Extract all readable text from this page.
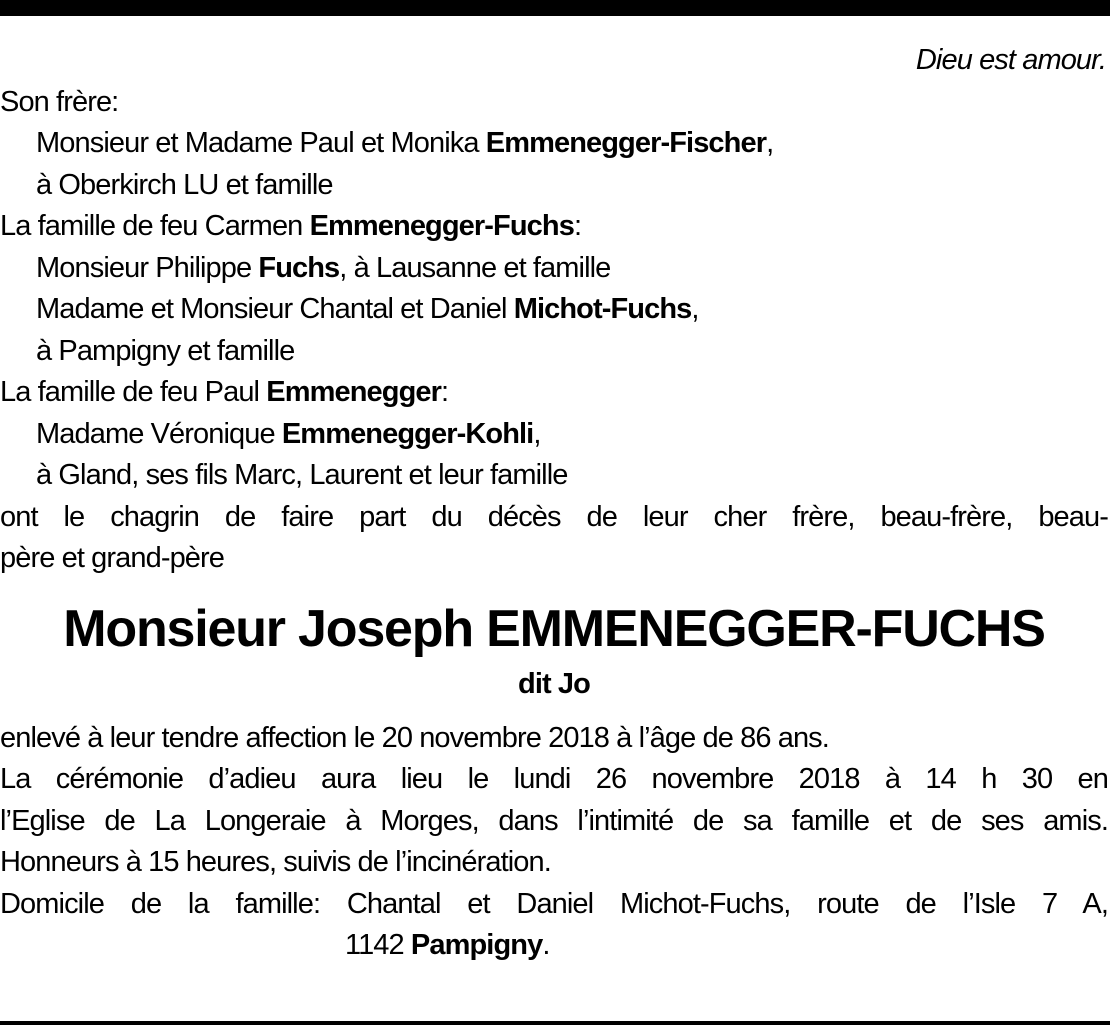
Dieu est amour.

Son frère:

Monsieur et Madame Paul et Monika Emmenegger-Fischer,

à Oberkirch LU et famille

La famille de feu Carmen Emmenegger-Fuchs:

Monsieur Philippe Fuchs, à Lausanne et famille

Madame et Monsieur Chantal et Daniel Michot-Fuchs,

à Pampigny et famille

La famille de feu Paul Emmenegger:

Madame Véronique Emmenegger-Kohli,

à Gland, ses fils Marc, Laurent et leur famille

ont le chagrin de faire part du décès de leur cher frère, beau-frère, beau-

père et grand-père

Monsieur Joseph EMMENEGGER-FUCHS

dit Jo

enlevé à leur tendre affection le 20 novembre 2018 à l’âge de 86 ans.

La cérémonie d’adieu aura lieu le lundi 26 novembre 2018 à 14 h 30 en

l’Eglise de La Longeraie à Morges, dans l’intimité de sa famille et de ses amis.

Honneurs à 15 heures, suivis de l’incinération.

Domicile de la famille: Chantal et Daniel Michot-Fuchs, route de l’Isle 7 A,

1142 Pampigny.
